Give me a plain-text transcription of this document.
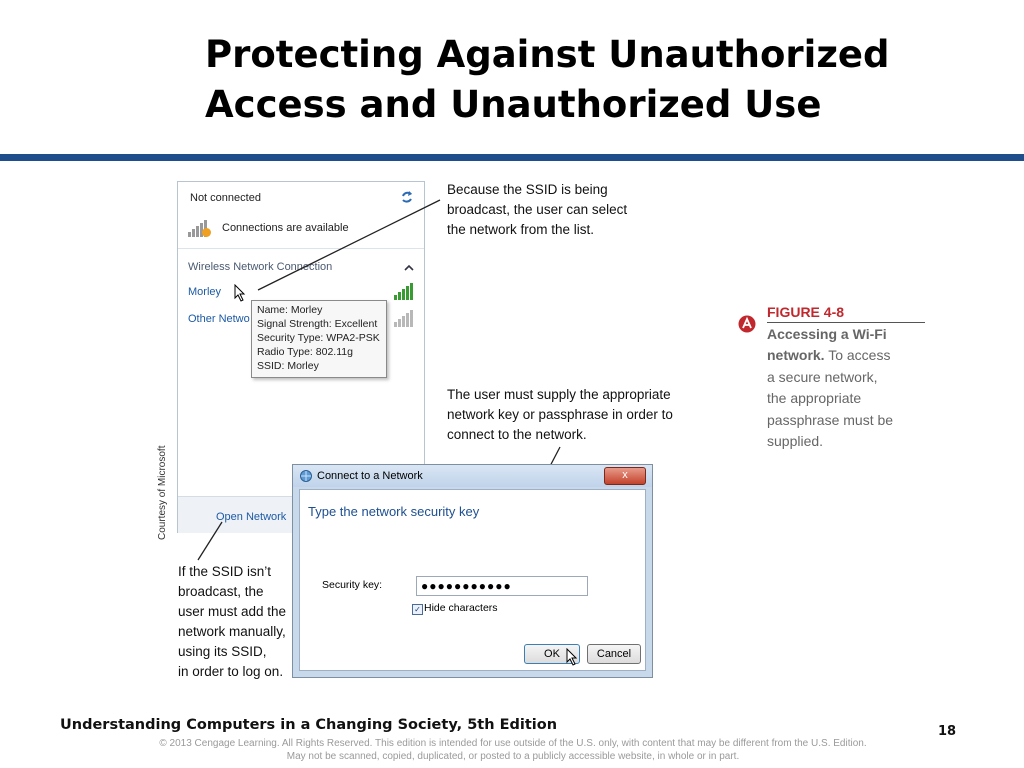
Protecting Against Unauthorized
Access and Unauthorized Use
Courtesy of Microsoft
Not connected
Connections are available
Wireless Network Connection
Morley
Other Netwo
Open Network
Name: Morley
Signal Strength: Excellent
Security Type: WPA2-PSK
Radio Type: 802.11g
SSID: Morley
Because the SSID is being
broadcast, the user can select
the network from the list.
The user must supply the appropriate
network key or passphrase in order to
connect to the network.
If the SSID isn’t
broadcast, the
user must add the
network manually,
using its SSID,
in order to log on.
Connect to a Network	x
Type the network security key
Security key:	●●●●●●●●●●●
✓ Hide characters
OK	Cancel
FIGURE 4-8
Accessing a Wi-Fi
network. To access
a secure network,
the appropriate
passphrase must be
supplied.
Understanding Computers in a Changing Society, 5th Edition	18
© 2013 Cengage Learning. All Rights Reserved. This edition is intended for use outside of the U.S. only, with content that may be different from the U.S. Edition.
May not be scanned, copied, duplicated, or posted to a publicly accessible website, in whole or in part.
